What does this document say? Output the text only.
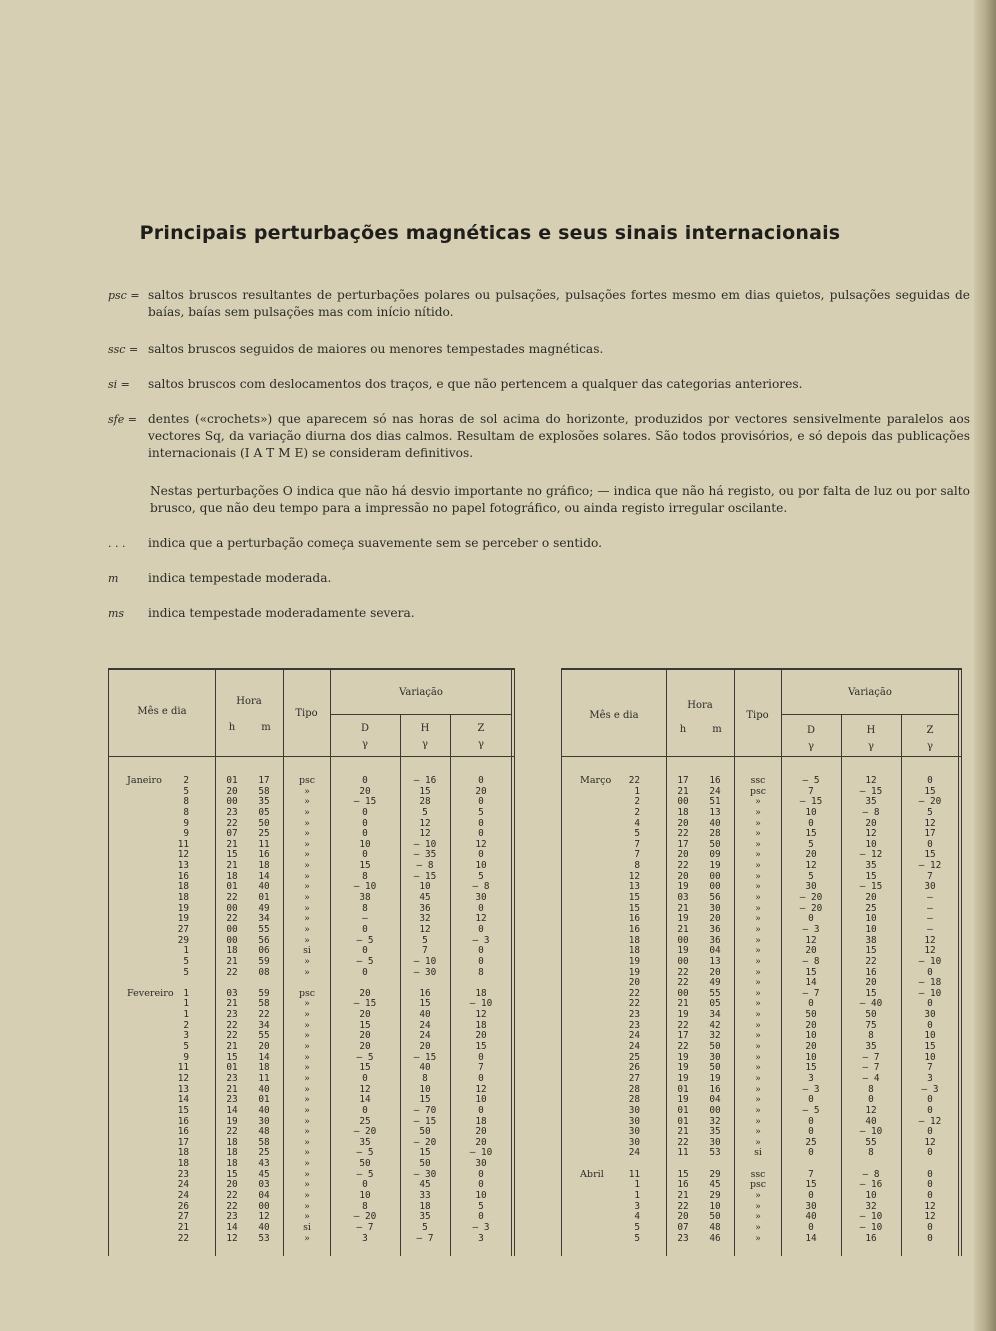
Principais perturbações magnéticas e seus sinais internacionais
psc = saltos bruscos resultantes de perturbações polares ou pulsações, pulsações fortes mesmo em dias quietos, pulsações seguidas de baías, baías sem pulsações mas com início nítido.
ssc = saltos bruscos seguidos de maiores ou menores tempestades magnéticas.
si = saltos bruscos com deslocamentos dos traços, e que não pertencem a qualquer das categorias anteriores.
sfe = dentes («crochets») que aparecem só nas horas de sol acima do horizonte, produzidos por vectores sensivelmente paralelos aos vectores Sq, da variação diurna dos dias calmos. Resultam de explosões solares. São todos provisórios, e só depois das publicações internacionais (I A T M E) se consideram definitivos.
Nestas perturbações O indica que não há desvio importante no gráfico; — indica que não há registo, ou por falta de luz ou por salto brusco, que não deu tempo para a impressão no papel fotográfico, ou ainda registo irregular oscilante.
. . . indica que a perturbação começa suavemente sem se perceber o sentido.
m indica tempestade moderada.
ms indica tempestade moderadamente severa.
Mês e dia
Hora
h	m
Tipo
Variação
D	H	Z
γ	γ	γ
Janeiro	2	01	17	psc	0	— 16	0
5	20	58	»	20	15	20
8	00	35	»	— 15	28	0
8	23	05	»	0	5	5
9	22	50	»	0	12	0
9	07	25	»	0	12	0
11	21	11	»	10	— 10	12
12	15	16	»	0	— 35	0
13	21	18	»	15	— 8	10
16	18	14	»	8	— 15	5
18	01	40	»	— 10	10	— 8
18	22	01	»	38	45	30
19	00	49	»	8	36	0
19	22	34	»	—	32	12
27	00	55	»	0	12	0
29	00	56	»	— 5	5	— 3
1	18	06	si	0	7	0
5	21	59	»	— 5	— 10	0
5	22	08	»	0	— 30	8
Fevereiro	1	03	59	psc	20	16	18
1	21	58	»	— 15	15	— 10
1	23	22	»	20	40	12
2	22	34	»	15	24	18
3	22	55	»	20	24	20
5	21	20	»	20	20	15
9	15	14	»	— 5	— 15	0
11	01	18	»	15	40	7
12	23	11	»	0	8	0
13	21	40	»	12	10	12
14	23	01	»	14	15	10
15	14	40	»	0	— 70	0
16	19	30	»	25	— 15	18
16	22	48	»	— 20	50	20
17	18	58	»	35	— 20	20
18	18	25	»	— 5	15	— 10
18	18	43	»	50	50	30
23	15	45	»	— 5	— 30	0
24	20	03	»	0	45	0
24	22	04	»	10	33	10
26	22	00	»	8	18	5
27	23	12	»	— 20	35	0
21	14	40	si	— 7	5	— 3
22	12	53	»	3	— 7	3
Mês e dia
Hora
h	m
Tipo
Variação
D	H	Z
γ	γ	γ
Março	22	17	16	ssc	— 5	12	0
1	21	24	psc	7	— 15	15
2	00	51	»	— 15	35	— 20
2	18	13	»	10	— 8	5
4	20	40	»	0	20	12
5	22	28	»	15	12	17
7	17	50	»	5	10	0
7	20	09	»	20	— 12	15
8	22	19	»	12	35	— 12
12	20	00	»	5	15	7
13	19	00	»	30	— 15	30
15	03	56	»	— 20	20	—
15	21	30	»	— 20	25	—
16	19	20	»	0	10	—
16	21	36	»	— 3	10	—
18	00	36	»	12	38	12
18	19	04	»	20	15	12
19	00	13	»	— 8	22	— 10
19	22	20	»	15	16	0
20	22	49	»	14	20	— 18
22	00	55	»	— 7	15	— 10
22	21	05	»	0	— 40	0
23	19	34	»	50	50	30
23	22	42	»	20	75	0
24	17	32	»	10	8	10
24	22	50	»	20	35	15
25	19	30	»	10	— 7	10
26	19	50	»	15	— 7	7
27	19	19	»	3	— 4	3
28	01	16	»	— 3	8	— 3
28	19	04	»	0	0	0
30	01	00	»	— 5	12	0
30	01	32	»	0	40	— 12
30	21	35	»	0	— 10	0
30	22	30	»	25	55	12
24	11	53	si	0	8	0
Abril	11	15	29	ssc	7	— 8	0
1	16	45	psc	15	— 16	0
1	21	29	»	0	10	0
3	22	10	»	30	32	12
4	20	50	»	40	— 10	12
5	07	48	»	0	— 10	0
5	23	46	»	14	16	0
